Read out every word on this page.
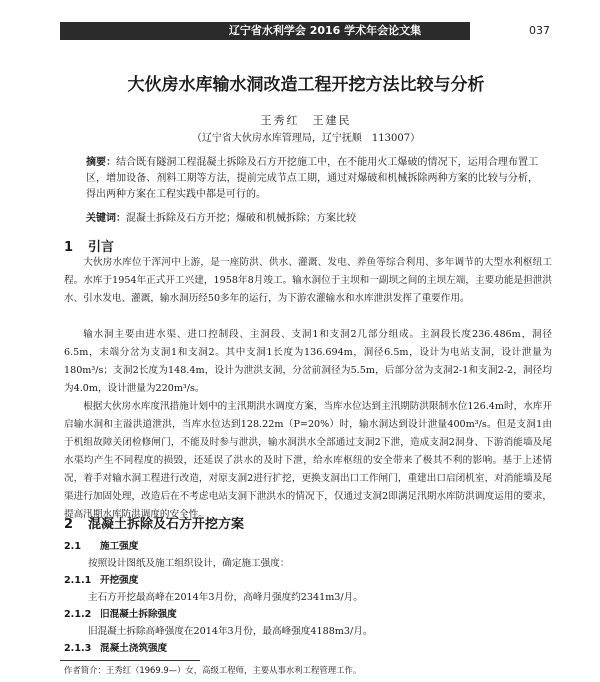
辽宁省水利学会 2016 学术年会论文集	037
大伙房水库输水洞改造工程开挖方法比较与分析
王秀红　王建民
（辽宁省大伙房水库管理局，辽宁抚顺　113007）
摘要：结合既有隧洞工程混凝土拆除及石方开挖施工中，在不能用火工爆破的情况下，运用合理布置工区，增加设备、剂料工期等方法，提前完成节点工期，通过对爆破和机械拆除两种方案的比较与分析，得出两种方案在工程实践中都是可行的。
关键词：混凝土拆除及石方开挖；爆破和机械拆除；方案比较
1 引言
大伙房水库位于浑河中上游，是一座防洪、供水、灌溉、发电、养鱼等综合利用、多年调节的大型水利枢纽工程。水库于1954年正式开工兴建，1958年8月竣工。输水洞位于主坝和一副坝之间的主坝左端，主要功能是担泄洪水、引水发电、灌溉，输水洞历经50多年的运行，为下游农灌输水和水库泄洪发挥了重要作用。
输水洞主要由进水渠、进口控制段、主洞段、支洞1和支洞2几部分组成。主洞段长度236.486m，洞径6.5m，末端分岔为支洞1和支洞2。其中支洞1长度为136.694m，洞径6.5m，设计为电站支洞，设计泄量为180m³/s；支洞2长度为148.4m，设计为泄洪支洞，分岔前洞径为5.5m，后部分岔为支洞2-1和支洞2-2，洞径均为4.0m，设计泄量为220m³/s。
根据大伙房水库度汛措施计划中的主汛期洪水调度方案，当库水位达到主汛期防洪限制水位126.4m时，水库开启输水洞和主溢洪道泄洪，当库水位达到128.22m（P=20%）时，输水洞达到设计泄量400m³/s。但是支洞1由于机组故障关闭检修闸门，不能及时参与泄洪，输水洞洪水全部通过支洞2下泄，造成支洞2洞身、下游消能墙及尾水渠均产生不同程度的损毁，还延误了洪水的及时下泄，给水库枢纽的安全带来了极其不利的影响。基于上述情况，着手对输水洞工程进行改造，对原支洞2进行扩挖，更换支洞出口工作闸门，重建出口启闭机室，对消能墙及尾渠进行加固处理，改造后在不考虑电站支洞下泄洪水的情况下，仅通过支洞2即满足汛期水库防洪调度运用的要求，提高汛期水库防洪调度的安全性。
2 混凝土拆除及石方开挖方案
2.1 施工强度
按照设计图纸及施工组织设计，确定施工强度：
2.1.1 开挖强度
主石方开挖最高峰在2014年3月份，高峰月强度约2341m3/月。
2.1.2 旧混凝土拆除强度
旧混凝土拆除高峰强度在2014年3月份，最高峰强度4188m3/月。
2.1.3 混凝土浇筑强度
作者简介：王秀红（1969.9—）女，高级工程师，主要从事水利工程管理工作。
